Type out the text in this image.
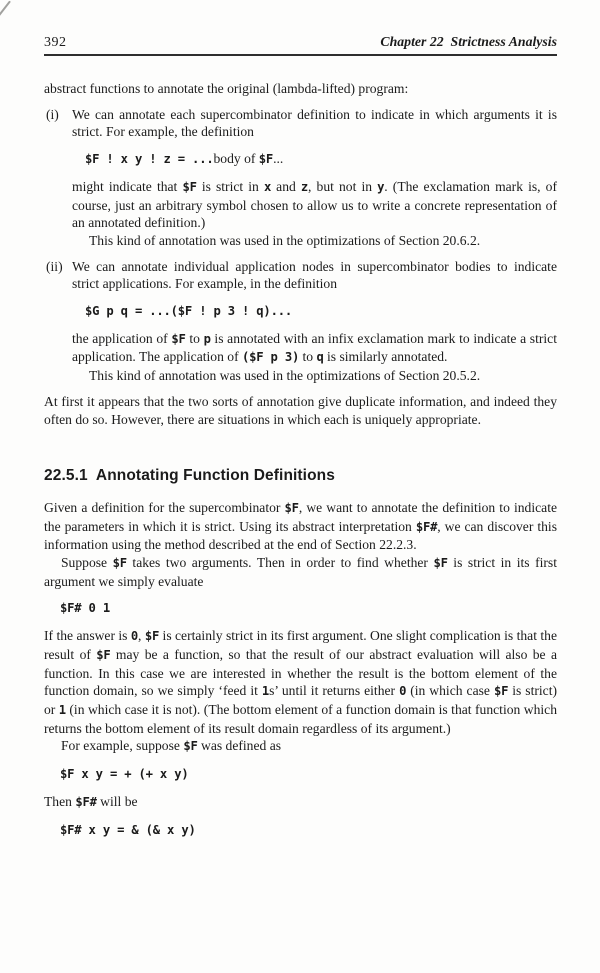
392	Chapter 22  Strictness Analysis

abstract functions to annotate the original (lambda-lifted) program:

(i) We can annotate each supercombinator definition to indicate in which arguments it is strict. For example, the definition

$F ! x y ! z = ...body of $F...

might indicate that $F is strict in x and z, but not in y. (The exclamation mark is, of course, just an arbitrary symbol chosen to allow us to write a concrete representation of an annotated definition.)

This kind of annotation was used in the optimizations of Section 20.6.2.

(ii) We can annotate individual application nodes in supercombinator bodies to indicate strict applications. For example, in the definition

$G p q = ...($F ! p 3 ! q)...

the application of $F to p is annotated with an infix exclamation mark to indicate a strict application. The application of ($F p 3) to q is similarly annotated.

This kind of annotation was used in the optimizations of Section 20.5.2.

At first it appears that the two sorts of annotation give duplicate information, and indeed they often do so. However, there are situations in which each is uniquely appropriate.

22.5.1  Annotating Function Definitions

Given a definition for the supercombinator $F, we want to annotate the definition to indicate the parameters in which it is strict. Using its abstract interpretation $F#, we can discover this information using the method described at the end of Section 22.2.3.

Suppose $F takes two arguments. Then in order to find whether $F is strict in its first argument we simply evaluate

$F# 0 1

If the answer is 0, $F is certainly strict in its first argument. One slight complication is that the result of $F may be a function, so that the result of our abstract evaluation will also be a function. In this case we are interested in whether the result is the bottom element of the function domain, so we simply ‘feed it 1s’ until it returns either 0 (in which case $F is strict) or 1 (in which case it is not). (The bottom element of a function domain is that function which returns the bottom element of its result domain regardless of its argument.)

For example, suppose $F was defined as

$F x y = + (+ x y)

Then $F# will be

$F# x y = & (& x y)
